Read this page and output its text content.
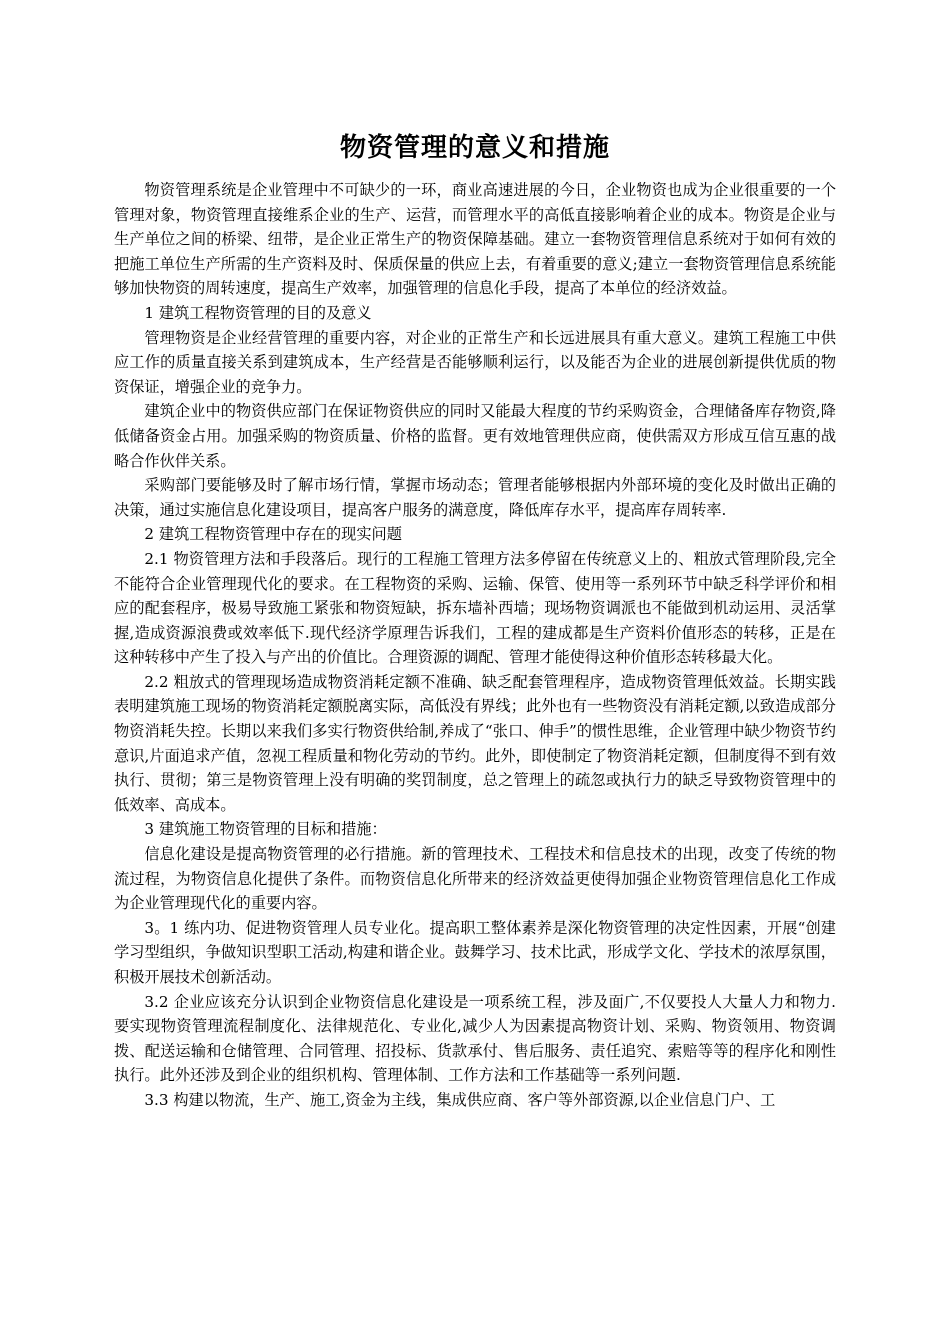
物资管理的意义和措施

物资管理系统是企业管理中不可缺少的一环，商业高速进展的今日，企业物资也成为企业很重要的一个管理对象，物资管理直接维系企业的生产、运营，而管理水平的高低直接影响着企业的成本。物资是企业与生产单位之间的桥梁、纽带，是企业正常生产的物资保障基础。建立一套物资管理信息系统对于如何有效的把施工单位生产所需的生产资料及时、保质保量的供应上去，有着重要的意义;建立一套物资管理信息系统能够加快物资的周转速度，提高生产效率，加强管理的信息化手段，提高了本单位的经济效益。

1 建筑工程物资管理的目的及意义

管理物资是企业经营管理的重要内容，对企业的正常生产和长远进展具有重大意义。建筑工程施工中供应工作的质量直接关系到建筑成本，生产经营是否能够顺利运行，以及能否为企业的进展创新提供优质的物资保证，增强企业的竞争力。

建筑企业中的物资供应部门在保证物资供应的同时又能最大程度的节约采购资金，合理储备库存物资,降低储备资金占用。加强采购的物资质量、价格的监督。更有效地管理供应商，使供需双方形成互信互惠的战略合作伙伴关系。

采购部门要能够及时了解市场行情，掌握市场动态；管理者能够根据内外部环境的变化及时做出正确的决策，通过实施信息化建设项目，提高客户服务的满意度，降低库存水平，提高库存周转率.

2 建筑工程物资管理中存在的现实问题

2.1 物资管理方法和手段落后。现行的工程施工管理方法多停留在传统意义上的、粗放式管理阶段,完全不能符合企业管理现代化的要求。在工程物资的采购、运输、保管、使用等一系列环节中缺乏科学评价和相应的配套程序，极易导致施工紧张和物资短缺，拆东墙补西墙；现场物资调派也不能做到机动运用、灵活掌握,造成资源浪费或效率低下.现代经济学原理告诉我们，工程的建成都是生产资料价值形态的转移，正是在这种转移中产生了投入与产出的价值比。合理资源的调配、管理才能使得这种价值形态转移最大化。

2.2 粗放式的管理现场造成物资消耗定额不准确、缺乏配套管理程序，造成物资管理低效益。长期实践表明建筑施工现场的物资消耗定额脱离实际，高低没有界线；此外也有一些物资没有消耗定额,以致造成部分物资消耗失控。长期以来我们多实行物资供给制,养成了“张口、伸手”的惯性思维，企业管理中缺少物资节约意识,片面追求产值，忽视工程质量和物化劳动的节约。此外，即使制定了物资消耗定额，但制度得不到有效执行、贯彻；第三是物资管理上没有明确的奖罚制度，总之管理上的疏忽或执行力的缺乏导致物资管理中的低效率、高成本。

3 建筑施工物资管理的目标和措施：

信息化建设是提高物资管理的必行措施。新的管理技术、工程技术和信息技术的出现，改变了传统的物流过程，为物资信息化提供了条件。而物资信息化所带来的经济效益更使得加强企业物资管理信息化工作成为企业管理现代化的重要内容。

3。1 练内功、促进物资管理人员专业化。提高职工整体素养是深化物资管理的决定性因素，开展“创建学习型组织，争做知识型职工活动,构建和谐企业。鼓舞学习、技术比武，形成学文化、学技术的浓厚氛围，积极开展技术创新活动。

3.2 企业应该充分认识到企业物资信息化建设是一项系统工程，涉及面广,不仅要投人大量人力和物力.要实现物资管理流程制度化、法律规范化、专业化,减少人为因素提高物资计划、采购、物资领用、物资调拨、配送运输和仓储管理、合同管理、招投标、货款承付、售后服务、责任追究、索赔等等的程序化和刚性执行。此外还涉及到企业的组织机构、管理体制、工作方法和工作基础等一系列问题.

3.3 构建以物流，生产、施工,资金为主线，集成供应商、客户等外部资源,以企业信息门户、工
